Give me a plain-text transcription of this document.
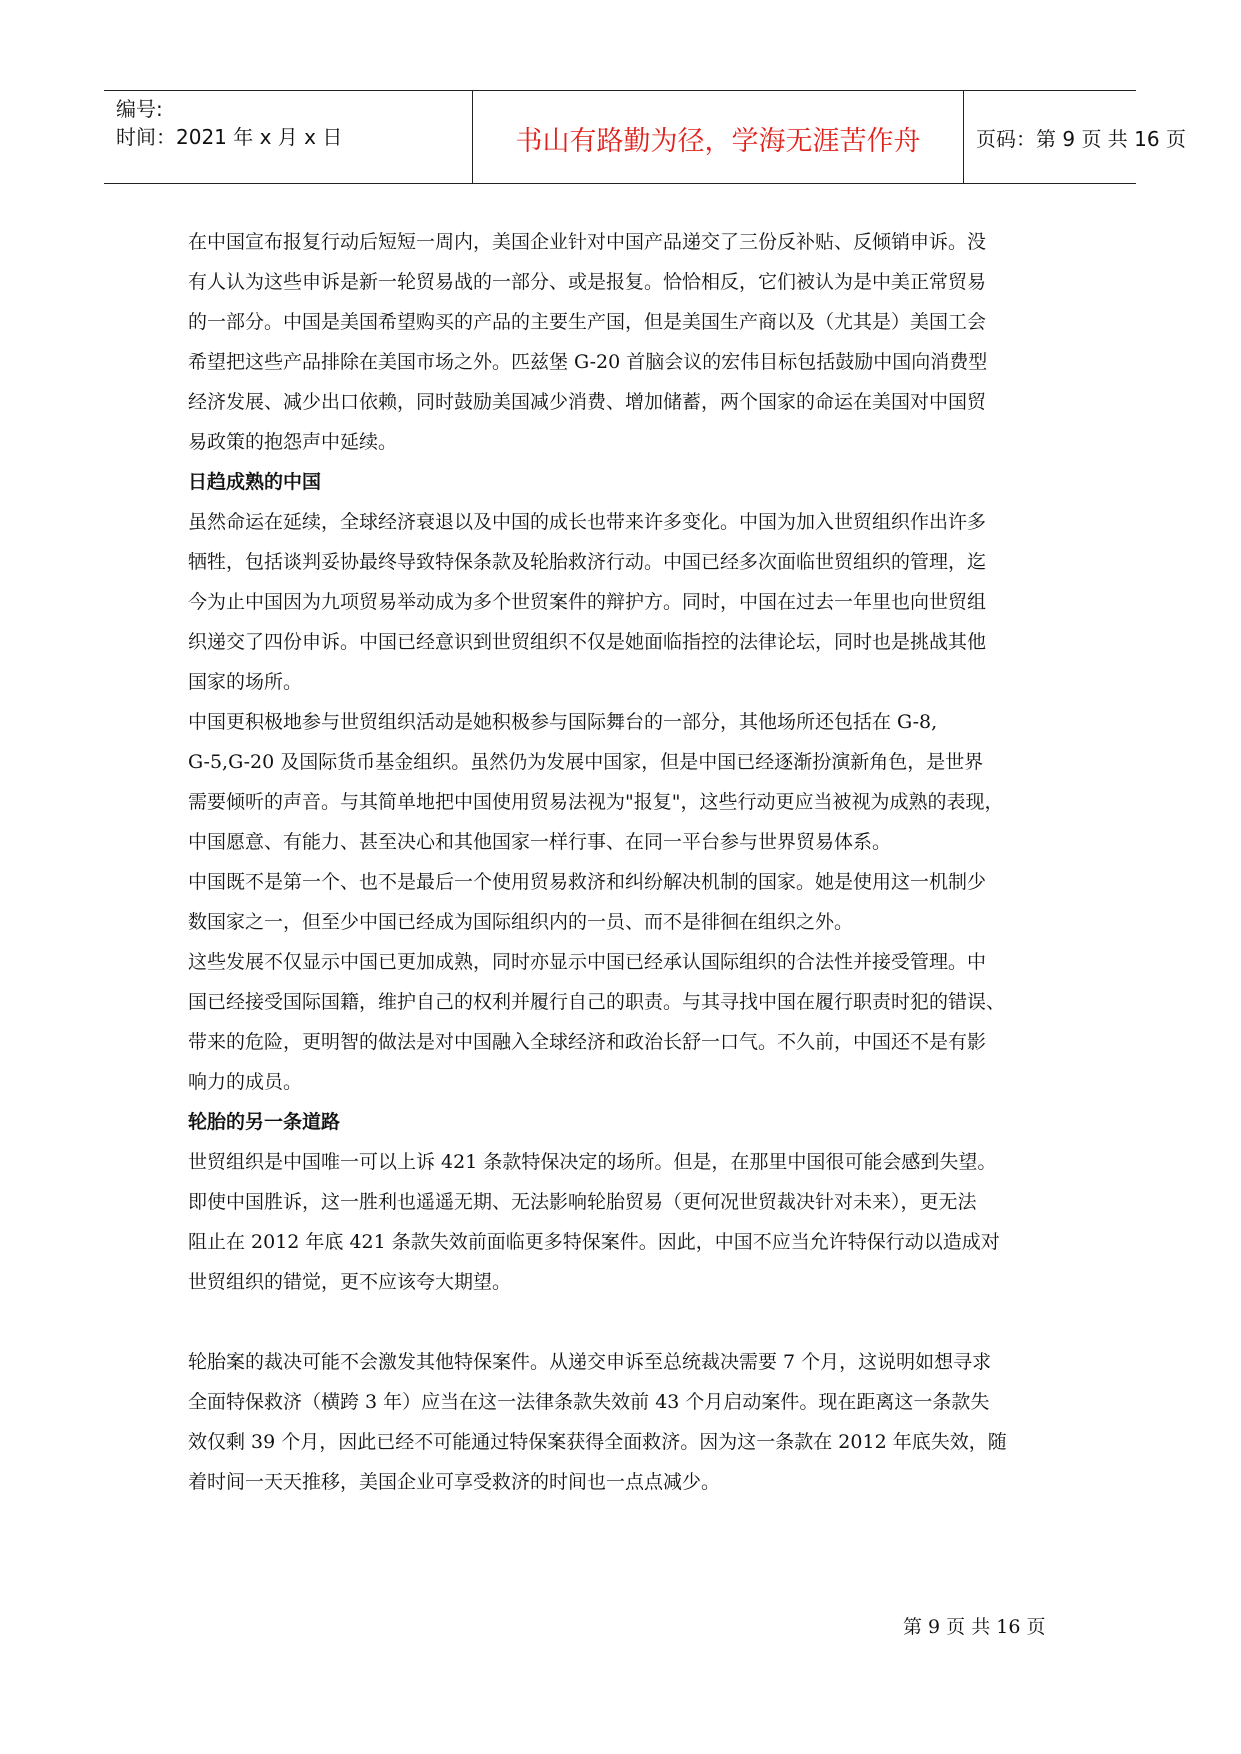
编号:
时间：2021 年 x 月 x 日	书山有路勤为径，学海无涯苦作舟	页码：第 9 页 共 16 页
在中国宣布报复行动后短短一周内，美国企业针对中国产品递交了三份反补贴、反倾销申诉。没
有人认为这些申诉是新一轮贸易战的一部分、或是报复。恰恰相反，它们被认为是中美正常贸易
的一部分。中国是美国希望购买的产品的主要生产国，但是美国生产商以及（尤其是）美国工会
希望把这些产品排除在美国市场之外。匹兹堡 G-20 首脑会议的宏伟目标包括鼓励中国向消费型
经济发展、减少出口依赖，同时鼓励美国减少消费、增加储蓄，两个国家的命运在美国对中国贸
易政策的抱怨声中延续。
日趋成熟的中国
虽然命运在延续，全球经济衰退以及中国的成长也带来许多变化。中国为加入世贸组织作出许多
牺牲，包括谈判妥协最终导致特保条款及轮胎救济行动。中国已经多次面临世贸组织的管理，迄
今为止中国因为九项贸易举动成为多个世贸案件的辩护方。同时，中国在过去一年里也向世贸组
织递交了四份申诉。中国已经意识到世贸组织不仅是她面临指控的法律论坛，同时也是挑战其他
国家的场所。
中国更积极地参与世贸组织活动是她积极参与国际舞台的一部分，其他场所还包括在 G-8,
G-5,G-20 及国际货币基金组织。虽然仍为发展中国家，但是中国已经逐渐扮演新角色，是世界
需要倾听的声音。与其简单地把中国使用贸易法视为"报复"，这些行动更应当被视为成熟的表现，
中国愿意、有能力、甚至决心和其他国家一样行事、在同一平台参与世界贸易体系。
中国既不是第一个、也不是最后一个使用贸易救济和纠纷解决机制的国家。她是使用这一机制少
数国家之一，但至少中国已经成为国际组织内的一员、而不是徘徊在组织之外。
这些发展不仅显示中国已更加成熟，同时亦显示中国已经承认国际组织的合法性并接受管理。中
国已经接受国际国籍，维护自己的权利并履行自己的职责。与其寻找中国在履行职责时犯的错误、
带来的危险，更明智的做法是对中国融入全球经济和政治长舒一口气。不久前，中国还不是有影
响力的成员。
轮胎的另一条道路
世贸组织是中国唯一可以上诉 421 条款特保决定的场所。但是，在那里中国很可能会感到失望。
即使中国胜诉，这一胜利也遥遥无期、无法影响轮胎贸易（更何况世贸裁决针对未来），更无法
阻止在 2012 年底 421 条款失效前面临更多特保案件。因此，中国不应当允许特保行动以造成对
世贸组织的错觉，更不应该夸大期望。
轮胎案的裁决可能不会激发其他特保案件。从递交申诉至总统裁决需要 7 个月，这说明如想寻求
全面特保救济（横跨 3 年）应当在这一法律条款失效前 43 个月启动案件。现在距离这一条款失
效仅剩 39 个月，因此已经不可能通过特保案获得全面救济。因为这一条款在 2012 年底失效，随
着时间一天天推移，美国企业可享受救济的时间也一点点减少。
第 9 页 共 16 页
